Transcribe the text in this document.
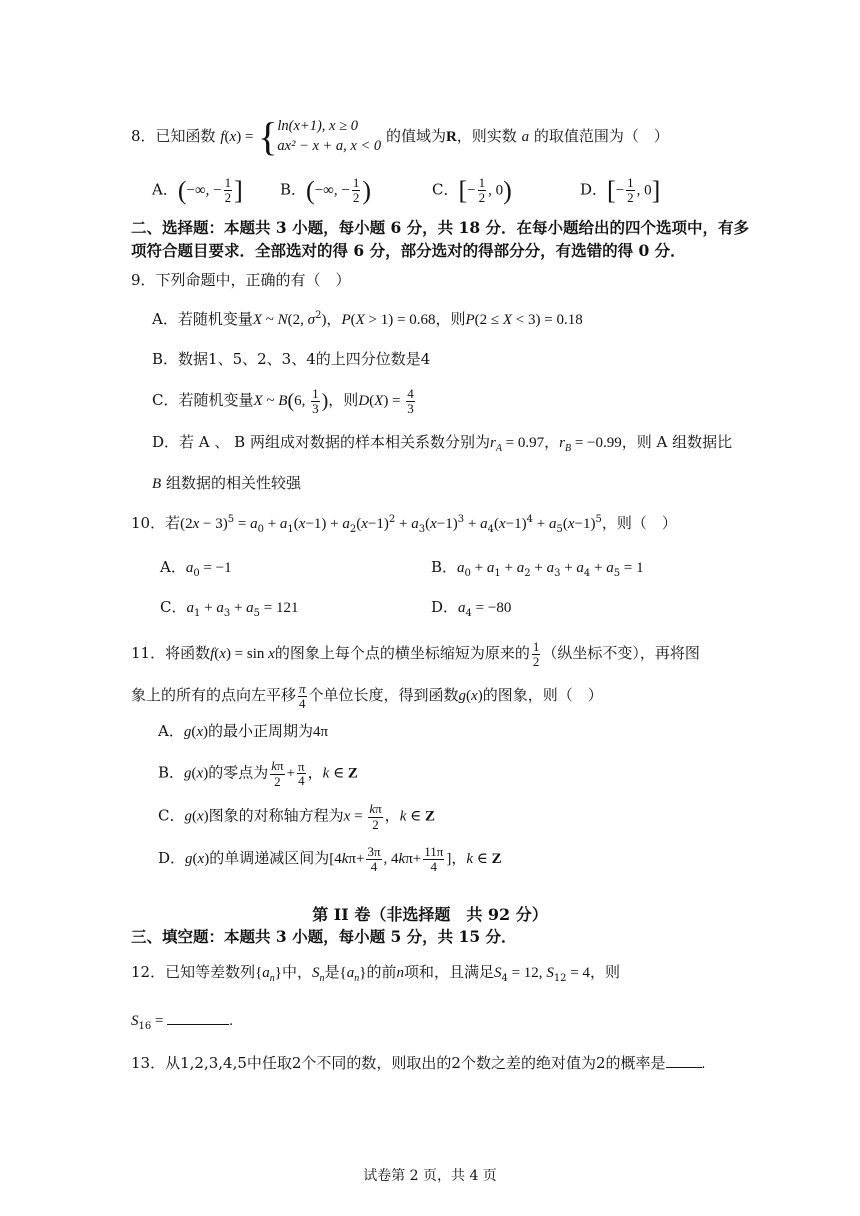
8．已知函数 f(x) = { ln(x+1), x ≥ 0
ax² − x + a, x < 0
的值域为R，则实数 a 的取值范围为（　）
A．(−∞, − $\frac{1}{2}$ ] B．(−∞, − $\frac{1}{2}$ )	C．[− $\frac{1}{2}$ , 0)	D．[− $\frac{1}{2}$ , 0]
二、选择题：本题共 3 小题，每小题 6 分，共 18 分．在每小题给出的四个选项中，有多
项符合题目要求．全部选对的得 6 分，部分选对的得部分分，有选错的得 0 分．
9．下列命题中，正确的有（　）
A．若随机变量X ~ N(2, $\sigma^2$)，P(X > 1) = 0.68，则P(2 ≤ X < 3) = 0.18
B．数据1、5、2、3、4的上四分位数是4
C．若随机变量X ~ B(6, $\frac{1}{3}$ )，则$D(X) = \frac{4}{3}$
D．若 A 、 B 两组成对数据的样本相关系数分别为$r_A = 0.97$，$r_B = -0.99$，则 A 组数据比
B 组数据的相关性较强
10．若$(2x - 3)^5 = a_0 + a_1(x-1) + a_2(x-1)^2 + a_3(x-1)^3 + a_4(x-1)^4 + a_5(x-1)^5$，则（　）
A．$a_0 = -1$	B．$a_0 + a_1 + a_2 + a_3 + a_4 + a_5 = 1$
C．$a_1 + a_3 + a_5 = 121$	D．$a_4 = -80$
11．将函数f(x) = sin x的图象上每个点的横坐标缩短为原来的 $\frac{1}{2}$ （纵坐标不变），再将图
象上的所有的点向左平移 $\frac{\pi}{4}$ 个单位长度，得到函数g(x)的图象，则（　）
A．g(x)的最小正周期为4π
B．g(x)的零点为 $\frac{k\pi}{2} + \frac{\pi}{4}$ ，k ∈ Z
C．g(x)图象的对称轴方程为$x = \frac{k\pi}{2}$ ，k ∈ Z
D．g(x)的单调递减区间为[$4k\pi+ \frac{3\pi}{4}$ , $4k\pi+ \frac{11\pi}{4}$ ]，k ∈ Z
第 II 卷（非选择题　共 92 分）
三、填空题：本题共 3 小题，每小题 5 分，共 15 分．
12．已知等差数列$\{a_n\}$中，$S_n$是$\{a_n\}$的前n项和，且满足$S_4 = 12$, $S_{12} = 4$，则
$S_{16}$ =	.
13．从1,2,3,4,5中任取2个不同的数，则取出的2个数之差的绝对值为2的概率是 .
试卷第 2 页，共 4 页
